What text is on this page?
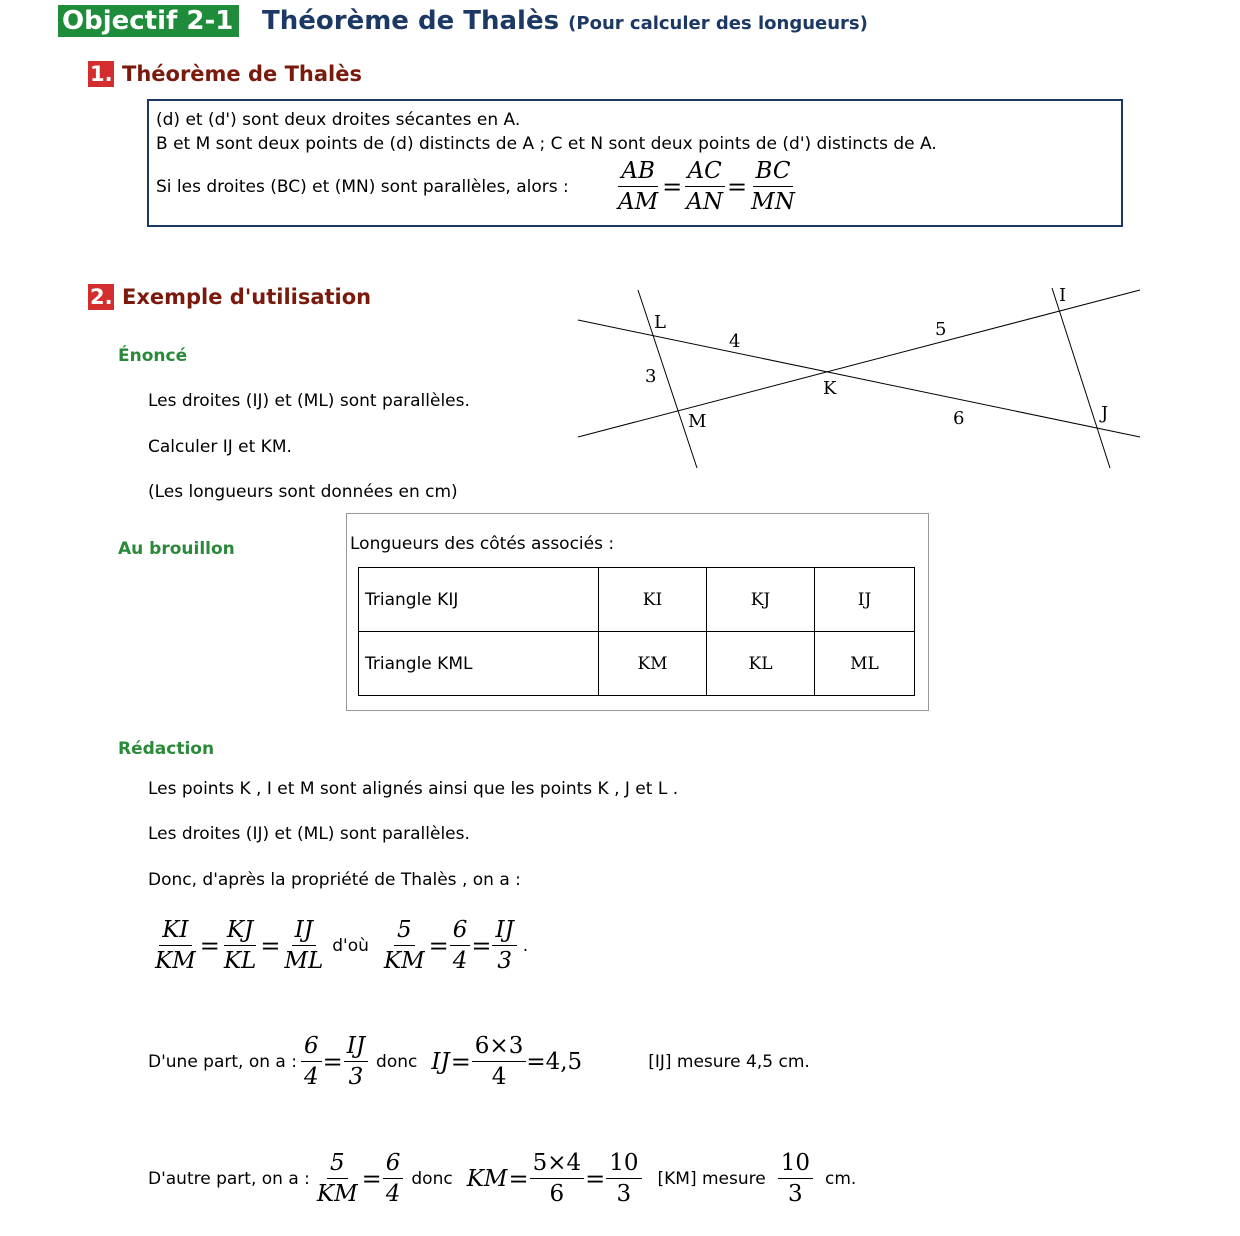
Objectif 2-1 Théorème de Thalès (Pour calculer des longueurs)
1. Théorème de Thalès
(d) et (d') sont deux droites sécantes en A.
B et M sont deux points de (d) distincts de A ; C et N sont deux points de (d') distincts de A.
Si les droites (BC) et (MN) sont parallèles, alors : $\frac{AB}{AM} = \frac{AC}{AN} = \frac{BC}{MN}$
2. Exemple d'utilisation
Énoncé
Les droites (IJ) et (ML) sont parallèles.
Calculer IJ et KM.
(Les longueurs sont données en cm)
L
K
M
I
J
4
5
3
6
Au brouillon	Longueurs des côtés associés :
Triangle KIJ	KI	KJ	IJ
Triangle KML	KM	KL	ML
Rédaction
Les points K , I et M sont alignés ainsi que les points K , J et L .
Les droites (IJ) et (ML) sont parallèles.
Donc, d'après la propriété de Thalès , on a :
$\frac{KI}{KM} = \frac{KJ}{KL} = \frac{IJ}{ML}$ d'où $\frac{5}{KM} = \frac{6}{4} = \frac{IJ}{3}$ .
D'une part, on a : $\frac{6}{4} = \frac{IJ}{3}$ donc IJ = $\frac{6\times 3}{4} =4,5$	[IJ] mesure 4,5 cm.
D'autre part, on a : $\frac{5}{KM} = \frac{6}{4}$ donc KM = $\frac{5\times 4}{6} = \frac{10}{3} [KM]$ mesure $\frac{10}{3}$ cm.
